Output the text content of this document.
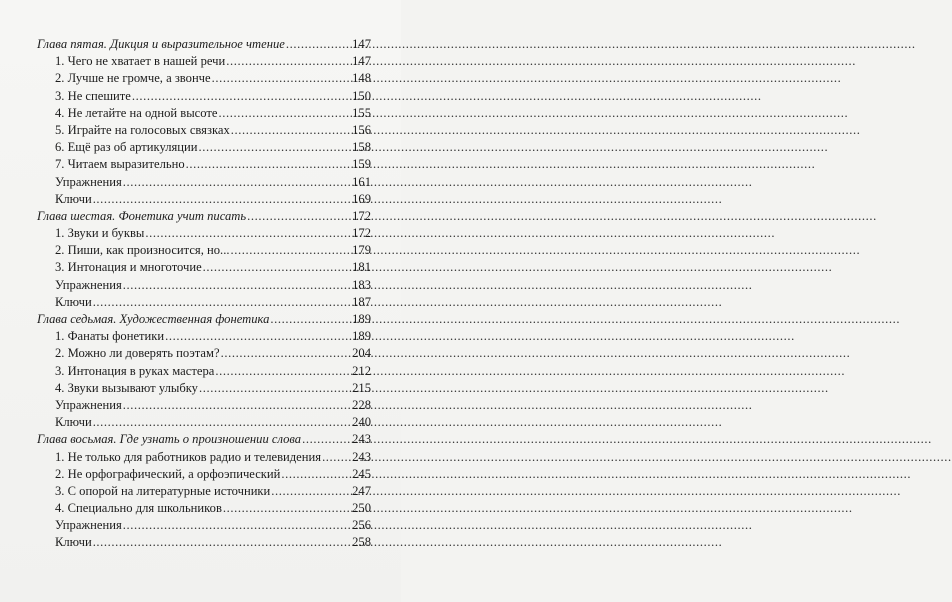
Глава пятая. Дикция и выразительное чтение .....	147
1. Чего не хватает в нашей речи .....	147
2. Лучше не громче, а звонче .....	148
3. Не спешите .....	150
4. Не летайте на одной высоте .....	155
5. Играйте на голосовых связках .....	156
6. Ещё раз об артикуляции .....	158
7. Читаем выразительно .....	159
Упражнения .....	161
Ключи .....	169
Глава шестая. Фонетика учит писать .....	172
1. Звуки и буквы .....	172
2. Пиши, как произносится, но... .....	179
3. Интонация и многоточие .....	181
Упражнения .....	183
Ключи .....	187
Глава седьмая. Художественная фонетика .....	189
1. Фанаты фонетики .....	189
2. Можно ли доверять поэтам? .....	204
3. Интонация в руках мастера .....	212
4. Звуки вызывают улыбку .....	215
Упражнения .....	228
Ключи .....	240
Глава восьмая. Где узнать о произношении слова .....	243
1. Не только для работников радио и телевидения ..... 243
2. Не орфографический, а орфоэпический .....	245
3. С опорой на литературные источники .....	247
4. Специально для школьников .....	250
Упражнения .....	256
Ключи .....	258
